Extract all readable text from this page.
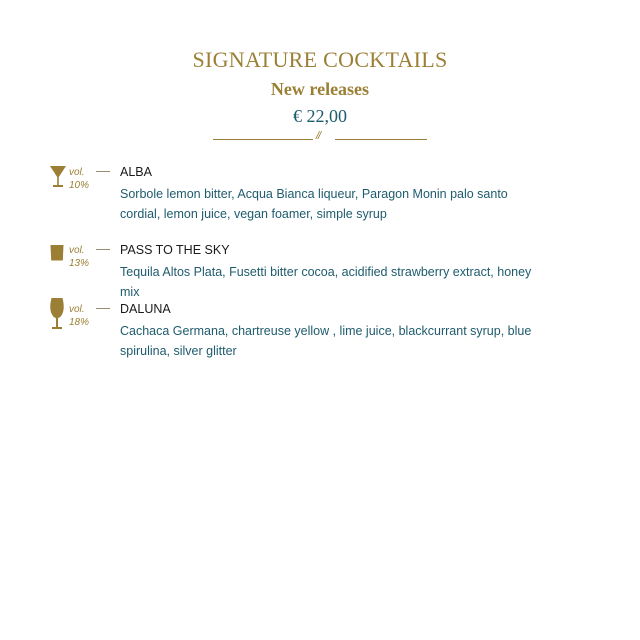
SIGNATURE COCKTAILS
New releases
€ 22,00
//
vol.
10%
ALBA
Sorbole lemon bitter, Acqua Bianca liqueur, Paragon Monin palo santo cordial, lemon juice, vegan foamer, simple syrup
vol.
13%
PASS TO THE SKY
Tequila Altos Plata, Fusetti bitter cocoa, acidified strawberry extract, honey mix
vol.
18%
DALUNA
Cachaca Germana, chartreuse yellow , lime juice, blackcurrant syrup, blue spirulina, silver glitter
